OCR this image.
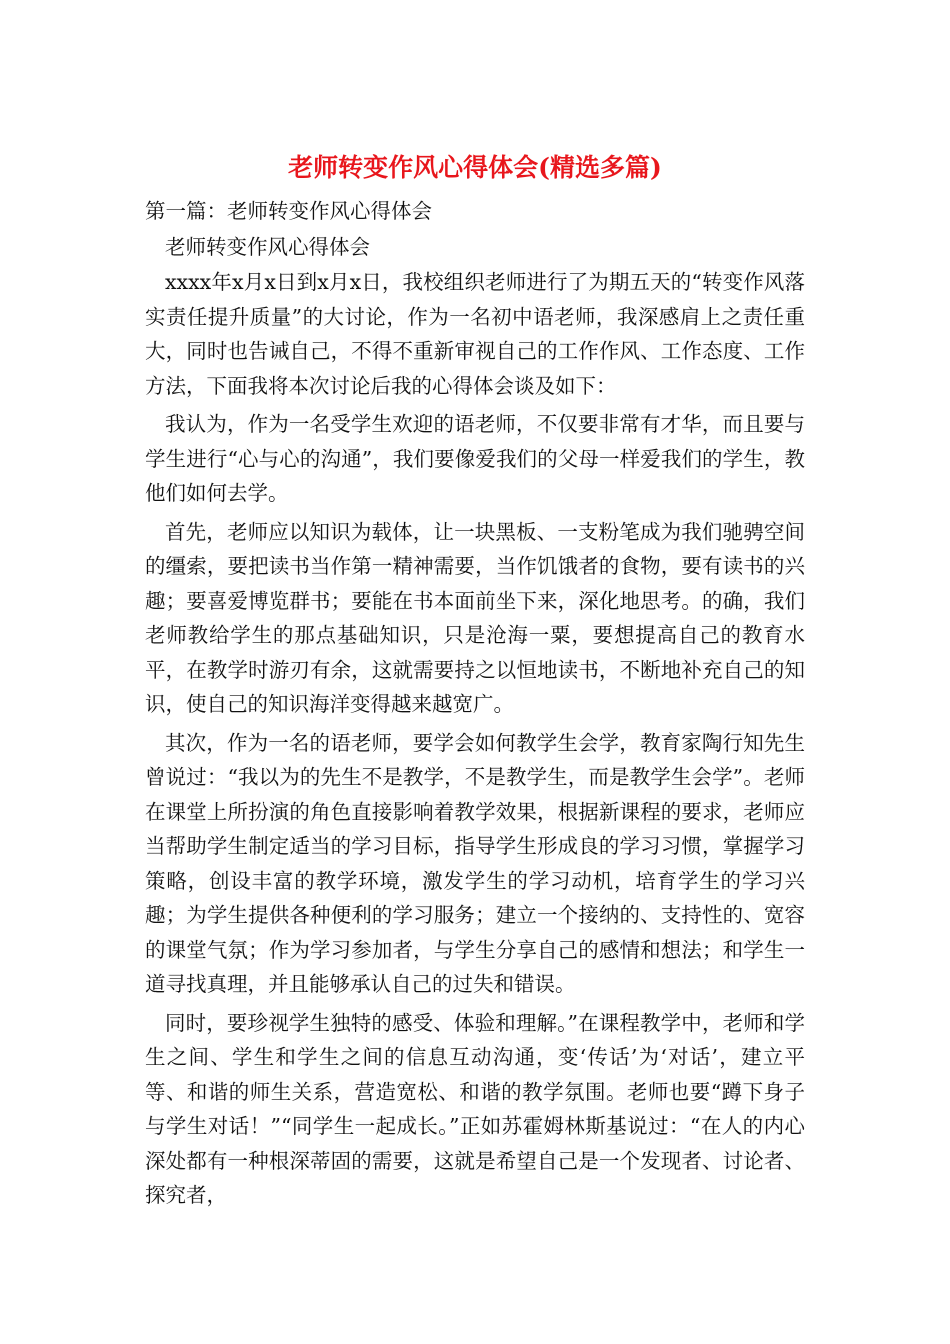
老师转变作风心得体会(精选多篇)

第一篇：老师转变作风心得体会

老师转变作风心得体会

xxxx年x月x日到x月x日，我校组织老师进行了为期五天的“转变作风落实责任提升质量”的大讨论，作为一名初中语老师，我深感肩上之责任重大，同时也告诫自己，不得不重新审视自己的工作作风、工作态度、工作方法，下面我将本次讨论后我的心得体会谈及如下：

我认为，作为一名受学生欢迎的语老师，不仅要非常有才华，而且要与学生进行“心与心的沟通”，我们要像爱我们的父母一样爱我们的学生，教他们如何去学。

首先，老师应以知识为载体，让一块黑板、一支粉笔成为我们驰骋空间的缰索，要把读书当作第一精神需要，当作饥饿者的食物，要有读书的兴趣；要喜爱博览群书；要能在书本面前坐下来，深化地思考。的确，我们老师教给学生的那点基础知识，只是沧海一粟，要想提高自己的教育水平，在教学时游刃有余，这就需要持之以恒地读书，不断地补充自己的知识，使自己的知识海洋变得越来越宽广。

其次，作为一名的语老师，要学会如何教学生会学，教育家陶行知先生曾说过：“我以为的先生不是教学，不是教学生，而是教学生会学”。老师在课堂上所扮演的角色直接影响着教学效果，根据新课程的要求，老师应当帮助学生制定适当的学习目标，指导学生形成良的学习习惯，掌握学习策略，创设丰富的教学环境，激发学生的学习动机，培育学生的学习兴趣；为学生提供各种便利的学习服务；建立一个接纳的、支持性的、宽容的课堂气氛；作为学习参加者，与学生分享自己的感情和想法；和学生一道寻找真理，并且能够承认自己的过失和错误。

同时，要珍视学生独特的感受、体验和理解。”在课程教学中，老师和学生之间、学生和学生之间的信息互动沟通，变‘传话’为‘对话’，建立平等、和谐的师生关系，营造宽松、和谐的教学氛围。老师也要“蹲下身子与学生对话！”“同学生一起成长。”正如苏霍姆林斯基说过：“在人的内心深处都有一种根深蒂固的需要，这就是希望自己是一个发现者、讨论者、探究者，
